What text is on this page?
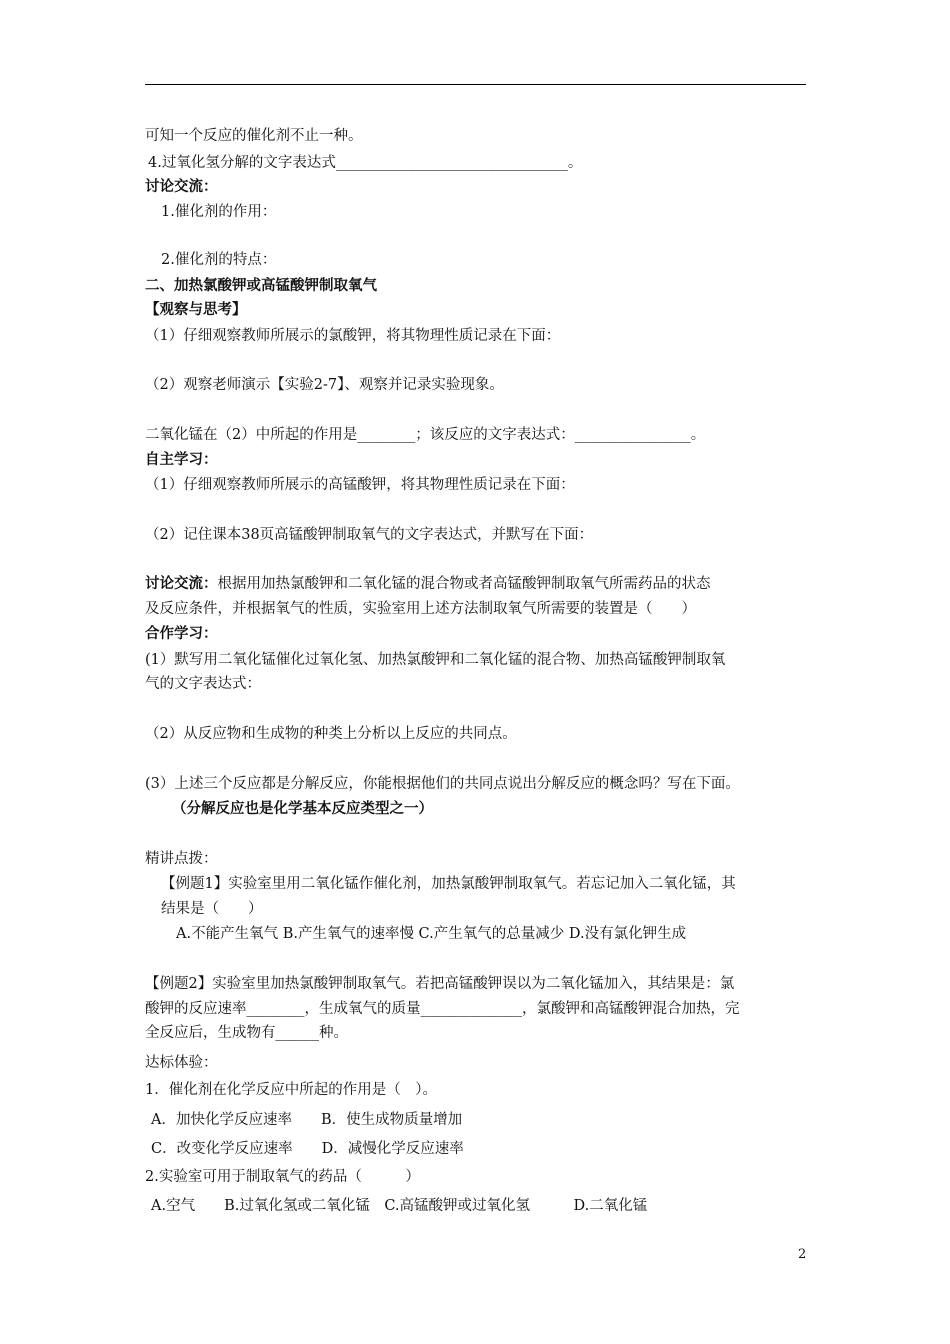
可知一个反应的催化剂不止一种。
4.过氧化氢分解的文字表达式________________________________。
讨论交流：
1.催化剂的作用：
2.催化剂的特点：
二、加热氯酸钾或高锰酸钾制取氧气
【观察与思考】
（1）仔细观察教师所展示的氯酸钾，将其物理性质记录在下面：
（2）观察老师演示【实验2-7】、观察并记录实验现象。
二氧化锰在（2）中所起的作用是________；该反应的文字表达式：________________。
自主学习：
（1）仔细观察教师所展示的高锰酸钾，将其物理性质记录在下面：
（2）记住课本38页高锰酸钾制取氧气的文字表达式，并默写在下面：
讨论交流：根据用加热氯酸钾和二氧化锰的混合物或者高锰酸钾制取氧气所需药品的状态
及反应条件，并根据氧气的性质，实验室用上述方法制取氧气所需要的装置是（　　）
合作学习：
(1）默写用二氧化锰催化过氧化氢、加热氯酸钾和二氧化锰的混合物、加热高锰酸钾制取氧
气的文字表达式：
（2）从反应物和生成物的种类上分析以上反应的共同点。
(3）上述三个反应都是分解反应，你能根据他们的共同点说出分解反应的概念吗？写在下面。
（分解反应也是化学基本反应类型之一）
精讲点拨：
【例题1】实验室里用二氧化锰作催化剂，加热氯酸钾制取氧气。若忘记加入二氧化锰，其
结果是（　　）
A.不能产生氧气 B.产生氧气的速率慢 C.产生氧气的总量减少 D.没有氯化钾生成
【例题2】实验室里加热氯酸钾制取氧气。若把高锰酸钾误以为二氧化锰加入，其结果是：氯
酸钾的反应速率________，生成氧气的质量______________，氯酸钾和高锰酸钾混合加热，完
全反应后，生成物有______种。
达标体验：
1．催化剂在化学反应中所起的作用是（　）。
A．加快化学反应速率　　B．使生成物质量增加
C．改变化学反应速率　　D．减慢化学反应速率
2.实验室可用于制取氧气的药品（　　　）
A.空气　　B.过氧化氢或二氧化锰　C.高锰酸钾或过氧化氢　　　D.二氧化锰
2
